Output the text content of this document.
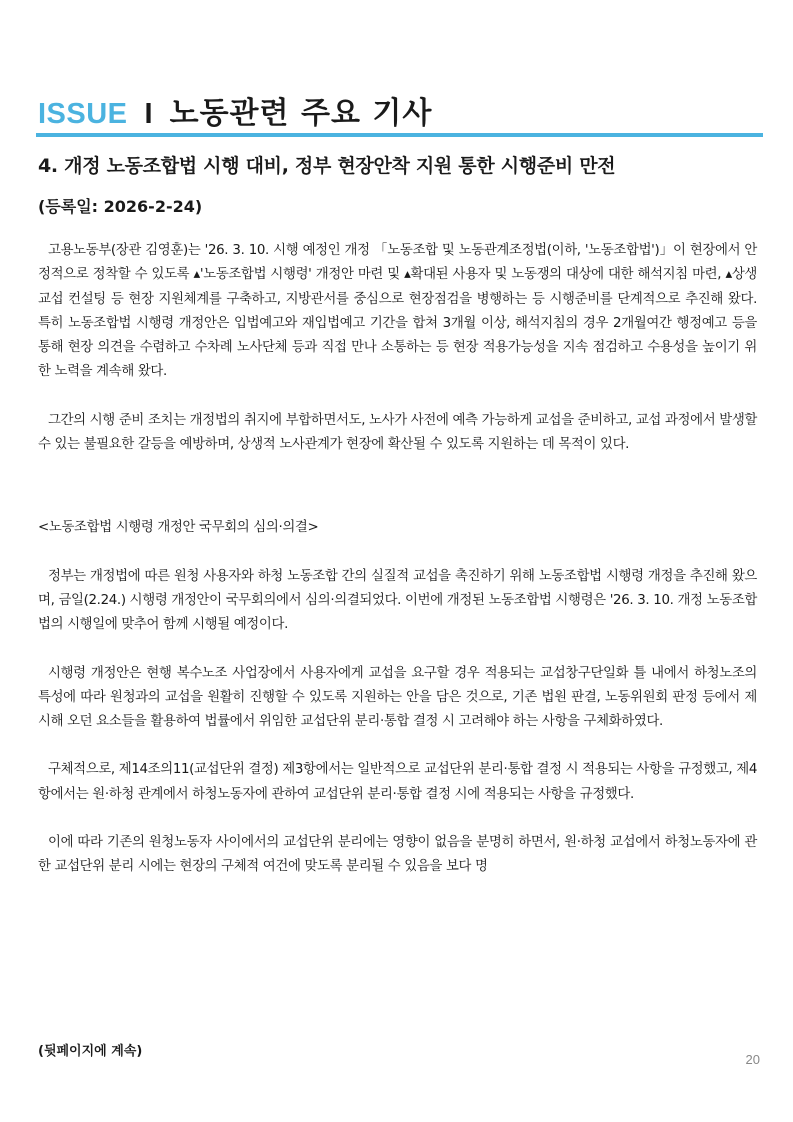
ISSUE I 노동관련 주요 기사
4. 개정 노동조합법 시행 대비, 정부 현장안착 지원 통한 시행준비 만전
(등록일: 2026-2-24)

고용노동부(장관 김영훈)는 '26. 3. 10. 시행 예정인 개정 「노동조합 및 노동관계조정법(이하, '노동조합법')」이 현장에서 안정적으로 정착할 수 있도록 ▴'노동조합법 시행령' 개정안 마련 및 ▴확대된 사용자 및 노동쟁의 대상에 대한 해석지침 마련, ▴상생교섭 컨설팅 등 현장 지원체계를 구축하고, 지방관서를 중심으로 현장점검을 병행하는 등 시행준비를 단계적으로 추진해 왔다. 특히 노동조합법 시행령 개정안은 입법예고와 재입법예고 기간을 합쳐 3개월 이상, 해석지침의 경우 2개월여간 행정예고 등을 통해 현장 의견을 수렴하고 수차례 노사단체 등과 직접 만나 소통하는 등 현장 적용가능성을 지속 점검하고 수용성을 높이기 위한 노력을 계속해 왔다.

그간의 시행 준비 조치는 개정법의 취지에 부합하면서도, 노사가 사전에 예측 가능하게 교섭을 준비하고, 교섭 과정에서 발생할 수 있는 불필요한 갈등을 예방하며, 상생적 노사관계가 현장에 확산될 수 있도록 지원하는 데 목적이 있다.

<노동조합법 시행령 개정안 국무회의 심의·의결>

정부는 개정법에 따른 원청 사용자와 하청 노동조합 간의 실질적 교섭을 촉진하기 위해 노동조합법 시행령 개정을 추진해 왔으며, 금일(2.24.) 시행령 개정안이 국무회의에서 심의·의결되었다. 이번에 개정된 노동조합법 시행령은 '26. 3. 10. 개정 노동조합법의 시행일에 맞추어 함께 시행될 예정이다.

시행령 개정안은 현행 복수노조 사업장에서 사용자에게 교섭을 요구할 경우 적용되는 교섭창구단일화 틀 내에서 하청노조의 특성에 따라 원청과의 교섭을 원활히 진행할 수 있도록 지원하는 안을 담은 것으로, 기존 법원 판결, 노동위원회 판정 등에서 제시해 오던 요소들을 활용하여 법률에서 위임한 교섭단위 분리·통합 결정 시 고려해야 하는 사항을 구체화하였다.

구체적으로, 제14조의11(교섭단위 결정) 제3항에서는 일반적으로 교섭단위 분리·통합 결정 시 적용되는 사항을 규정했고, 제4항에서는 원·하청 관계에서 하청노동자에 관하여 교섭단위 분리·통합 결정 시에 적용되는 사항을 규정했다.

이에 따라 기존의 원청노동자 사이에서의 교섭단위 분리에는 영향이 없음을 분명히 하면서, 원·하청 교섭에서 하청노동자에 관한 교섭단위 분리 시에는 현장의 구체적 여건에 맞도록 분리될 수 있음을 보다 명

(뒷페이지에 계속)
20
